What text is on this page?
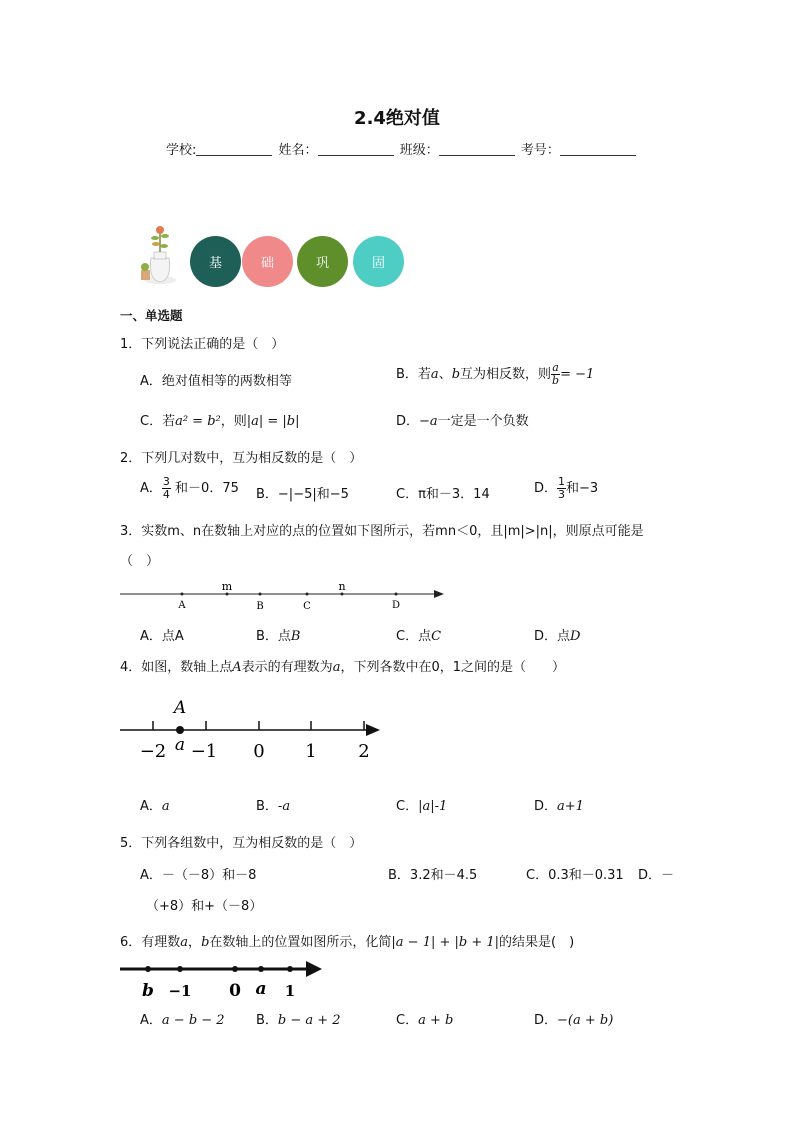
2.4绝对值
学校:	姓名：	班级：	考号：
基	础	巩	固
一、单选题
1．下列说法正确的是（　）
A．绝对值相等的两数相等	B．若a、b互为相反数，则 $\frac{a}{b} = -1$
C．若a² = b²，则|a| = |b|	D．−a一定是一个负数
2．下列几对数中，互为相反数的是（　）
A． $\frac{3}{4}$ 和－0．75 B．−|−5|和−5	C．π和－3．14	D． $\frac{1}{3}$ 和−3
3．实数m、n在数轴上对应的点的位置如下图所示，若mn＜0，且|m|>|n|，则原点可能是
（　）
m	n
A	B	C	D
A．点A	B．点B	C．点C	D．点D
4．如图，数轴上点A表示的有理数为a，下列各数中在0，1之间的是（　　）
A
a
−2 −1 0 1 2
A．a	B．-a	C．|a|-1	D．a+1
5．下列各组数中，互为相反数的是（　）
A．－（－8）和－8	B．3.2和－4.5	C．0.3和－0.31 D．－
（+8）和+（－8）
6．有理数a，b在数轴上的位置如图所示，化简|a − 1| + |b + 1|的结果是(　)
b −1 0 a 1
A．a − b − 2 B．b − a + 2	C．a + b	D．−(a + b)
